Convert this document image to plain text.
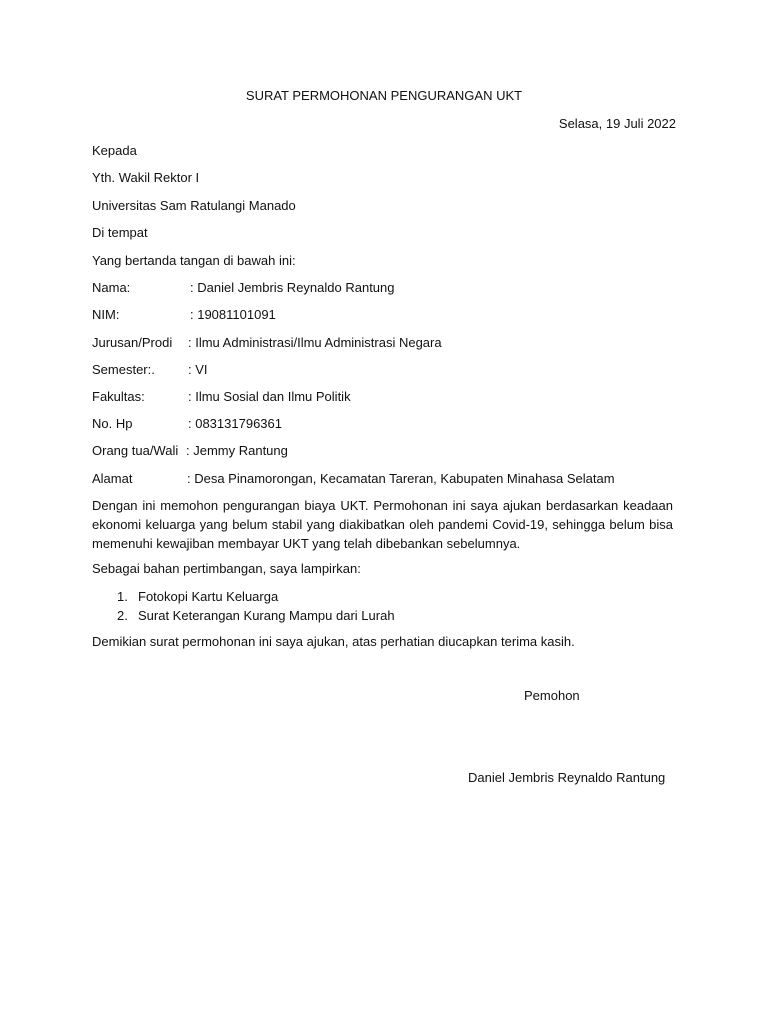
SURAT PERMOHONAN PENGURANGAN UKT
Selasa, 19 Juli 2022
Kepada
Yth. Wakil Rektor I
Universitas Sam Ratulangi Manado
Di tempat
Yang bertanda tangan di bawah ini:
Nama:	: Daniel Jembris Reynaldo Rantung
NIM:	: 19081101091
Jurusan/Prodi : Ilmu Administrasi/Ilmu Administrasi Negara
Semester:.	: VI
Fakultas:	: Ilmu Sosial dan Ilmu Politik
No. Hp	: 083131796361
Orang tua/Wali : Jemmy Rantung
Alamat	: Desa Pinamorongan, Kecamatan Tareran, Kabupaten Minahasa Selatam
Dengan ini memohon pengurangan biaya UKT. Permohonan ini saya ajukan berdasarkan keadaan ekonomi keluarga yang belum stabil yang diakibatkan oleh pandemi Covid-19, sehingga belum bisa memenuhi kewajiban membayar UKT yang telah dibebankan sebelumnya.
Sebagai bahan pertimbangan, saya lampirkan:
1. Fotokopi Kartu Keluarga
2. Surat Keterangan Kurang Mampu dari Lurah
Demikian surat permohonan ini saya ajukan, atas perhatian diucapkan terima kasih.
Pemohon
Daniel Jembris Reynaldo Rantung
